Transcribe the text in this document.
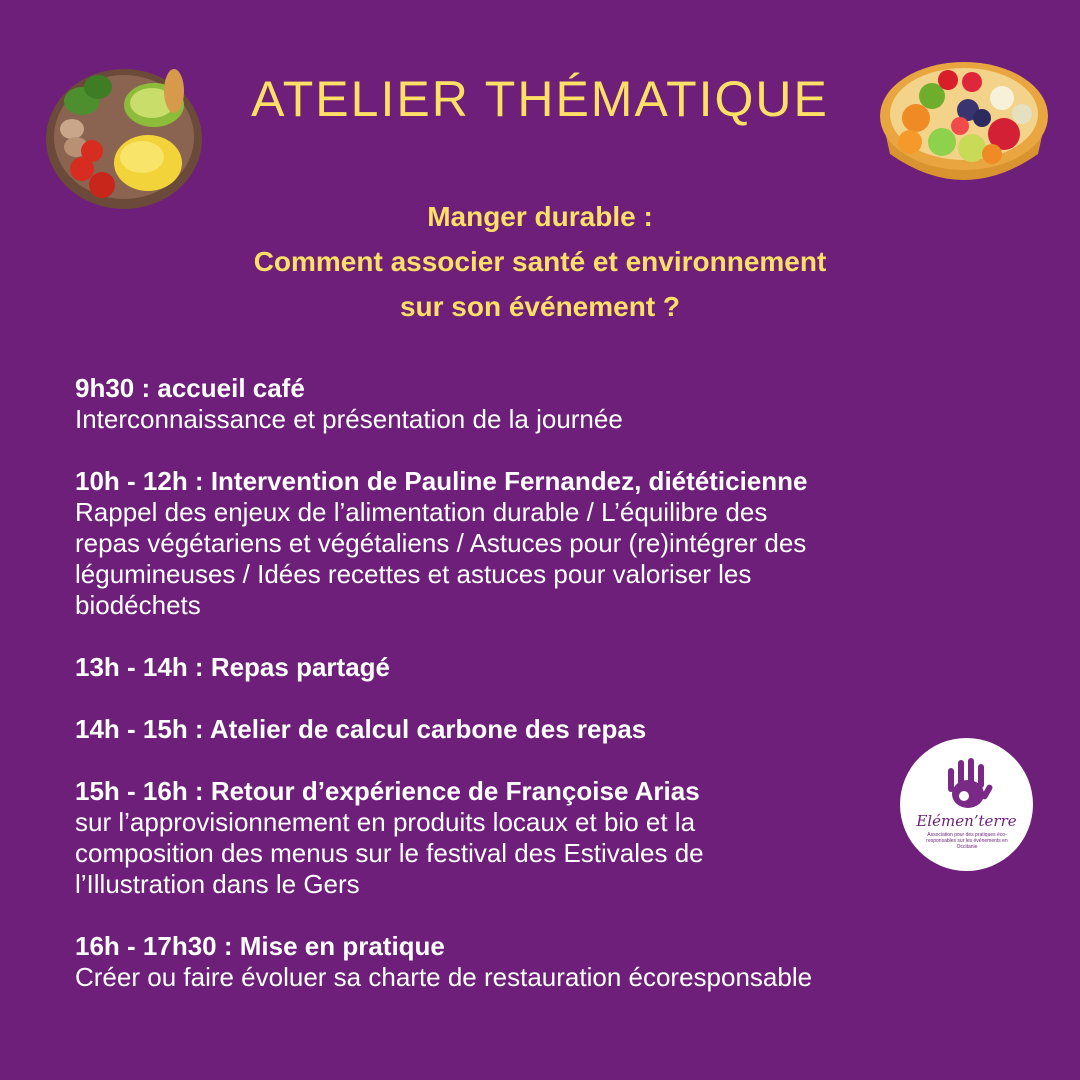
ATELIER THÉMATIQUE
Manger durable :
Comment associer santé et environnement
sur son événement ?
9h30 : accueil café
Interconnaissance et présentation de la journée
10h - 12h : Intervention de Pauline Fernandez, diététicienne
Rappel des enjeux de l’alimentation durable / L’équilibre des
repas végétariens et végétaliens / Astuces pour (re)intégrer des
légumineuses / Idées recettes et astuces pour valoriser les
biodéchets
13h - 14h : Repas partagé
14h - 15h : Atelier de calcul carbone des repas
15h - 16h : Retour d’expérience de Françoise Arias
sur l’approvisionnement en produits locaux et bio et la
composition des menus sur le festival des Estivales de
l’Illustration dans le Gers
16h - 17h30 : Mise en pratique
Créer ou faire évoluer sa charte de restauration écoresponsable
Elémen’terre
Association pour des pratiques éco-responsables sur les événements en Occitanie
